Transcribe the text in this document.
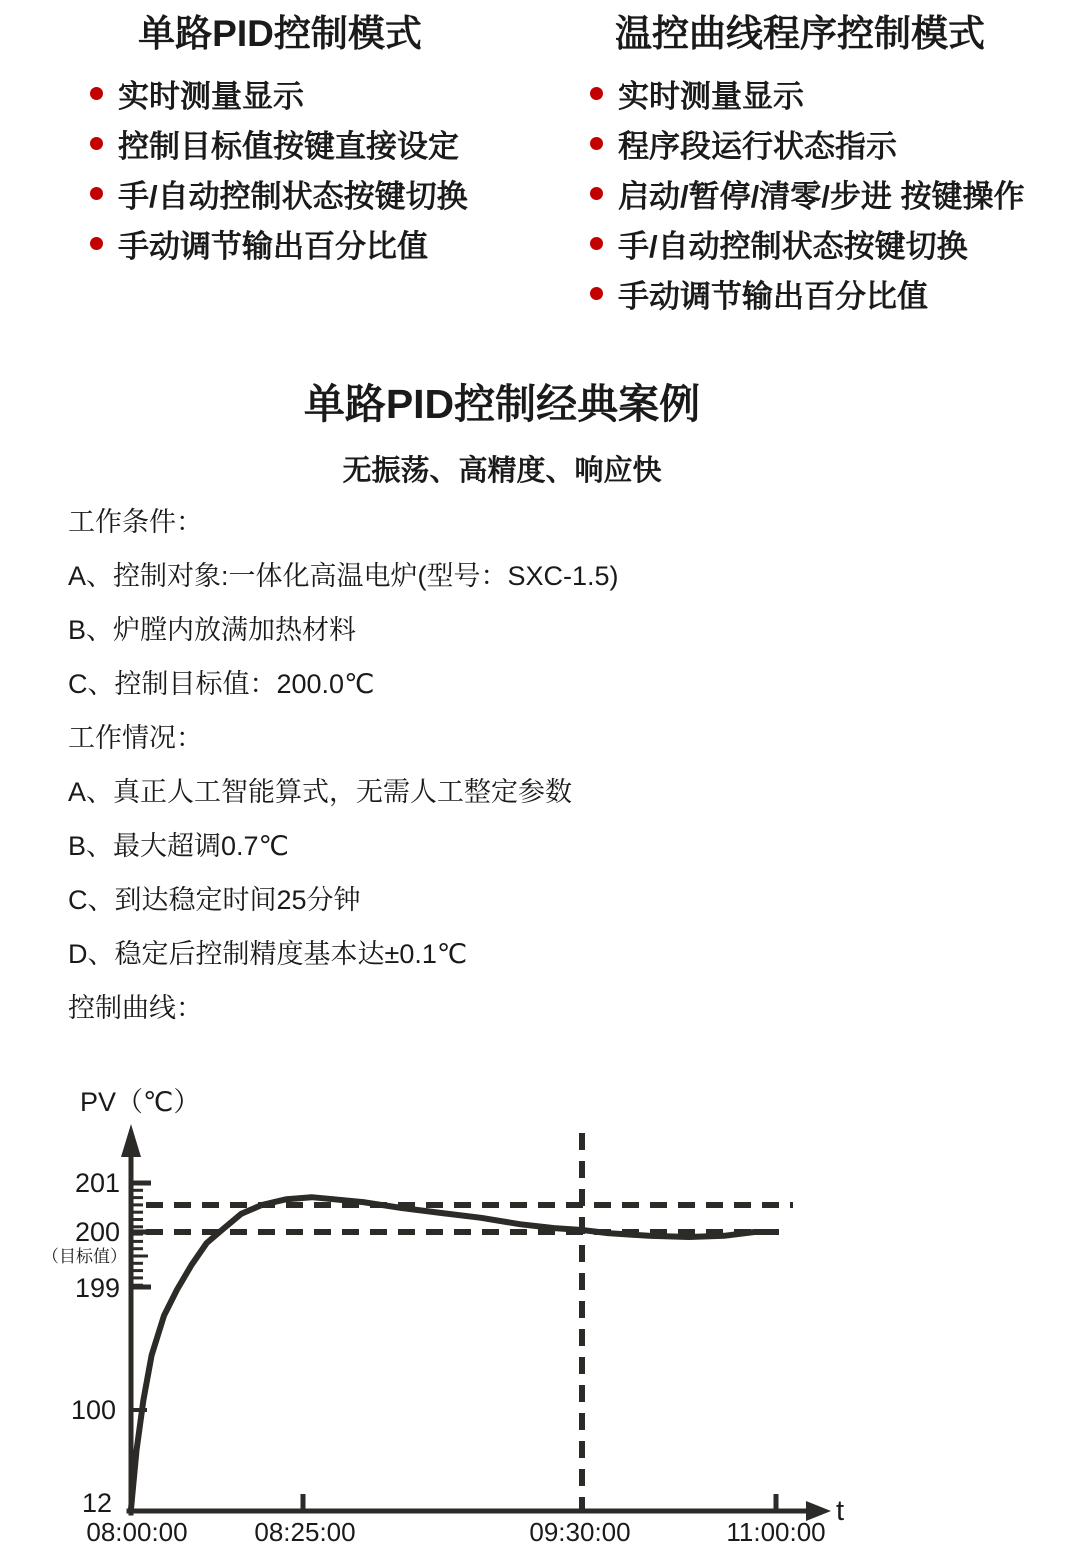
单路PID控制模式
实时测量显示
控制目标值按键直接设定
手/自动控制状态按键切换
手动调节输出百分比值
温控曲线程序控制模式
实时测量显示
程序段运行状态指示
启动/暂停/清零/步进 按键操作
手/自动控制状态按键切换
手动调节输出百分比值
单路PID控制经典案例
无振荡、高精度、响应快
工作条件：
A、控制对象:一体化高温电炉(型号：SXC-1.5)
B、炉膛内放满加热材料
C、控制目标值：200.0℃
工作情况：
A、真正人工智能算式，无需人工整定参数
B、最大超调0.7℃
C、到达稳定时间25分钟
D、稳定后控制精度基本达±0.1℃
控制曲线：
PV（℃）
201
200
（目标值）
199
100
12
08:00:00	08:25:00	09:30:00	11:00:00
t
